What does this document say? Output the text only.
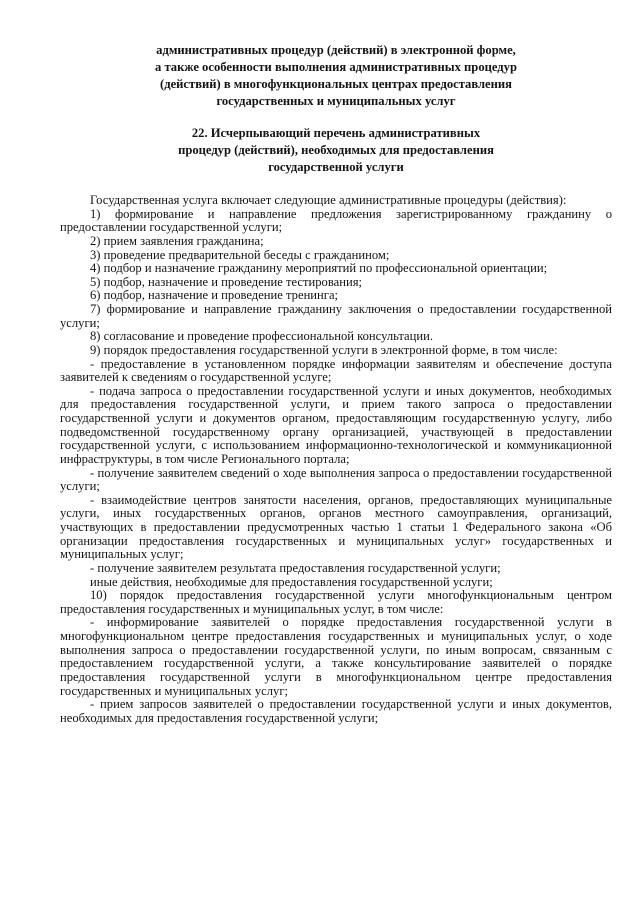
административных процедур (действий) в электронной форме,
а также особенности выполнения административных процедур
(действий) в многофункциональных центрах предоставления
государственных и муниципальных услуг
22. Исчерпывающий перечень административных
процедур (действий), необходимых для предоставления
государственной услуги

Государственная услуга включает следующие административные процедуры (действия):

1) формирование и направление предложения зарегистрированному гражданину о предоставлении государственной услуги;

2) прием заявления гражданина;

3) проведение предварительной беседы с гражданином;

4) подбор и назначение гражданину мероприятий по профессиональной ориентации;

5) подбор, назначение и проведение тестирования;

6) подбор, назначение и проведение тренинга;

7) формирование и направление гражданину заключения о предоставлении государственной услуги;

8) согласование и проведение профессиональной консультации.

9) порядок предоставления государственной услуги в электронной форме, в том числе:

- предоставление в установленном порядке информации заявителям и обеспечение доступа заявителей к сведениям о государственной услуге;

- подача запроса о предоставлении государственной услуги и иных документов, необходимых для предоставления государственной услуги, и прием такого запроса о предоставлении государственной услуги и документов органом, предоставляющим государственную услугу, либо подведомственной государственному органу организацией, участвующей в предоставлении государственной услуги, с использованием информационно-технологической и коммуникационной инфраструктуры, в том числе Регионального портала;

- получение заявителем сведений о ходе выполнения запроса о предоставлении государственной услуги;

- взаимодействие центров занятости населения, органов, предоставляющих муниципальные услуги, иных государственных органов, органов местного самоуправления, организаций, участвующих в предоставлении предусмотренных частью 1 статьи 1 Федерального закона «Об организации предоставления государственных и муниципальных услуг» государственных и муниципальных услуг;

- получение заявителем результата предоставления государственной услуги;

иные действия, необходимые для предоставления государственной услуги;

10) порядок предоставления государственной услуги многофункциональным центром предоставления государственных и муниципальных услуг, в том числе:

- информирование заявителей о порядке предоставления государственной услуги в многофункциональном центре предоставления государственных и муниципальных услуг, о ходе выполнения запроса о предоставлении государственной услуги, по иным вопросам, связанным с предоставлением государственной услуги, а также консультирование заявителей о порядке предоставления государственной услуги в многофункциональном центре предоставления государственных и муниципальных услуг;

- прием запросов заявителей о предоставлении государственной услуги и иных документов, необходимых для предоставления государственной услуги;
